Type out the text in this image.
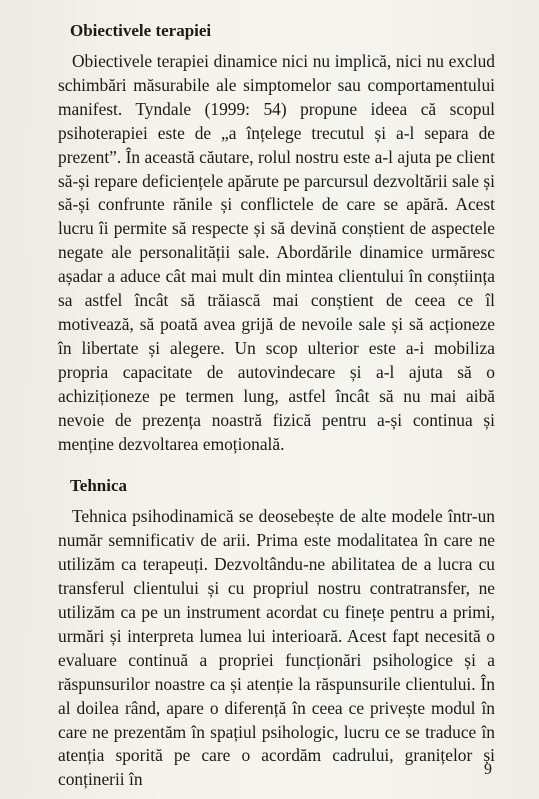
Obiectivele terapiei

Obiectivele terapiei dinamice nici nu implică, nici nu exclud schimbări măsurabile ale simptomelor sau comportamentului manifest. Tyndale (1999: 54) propune ideea că scopul psihoterapiei este de „a înțelege trecutul și a-l separa de prezent”. În această căutare, rolul nostru este a-l ajuta pe client să-și repare deficiențele apărute pe parcursul dezvoltării sale și să-și confrunte rănile și conflictele de care se apără. Acest lucru îi permite să respecte și să devină conștient de aspectele negate ale personalității sale. Abordările dinamice urmăresc așadar a aduce cât mai mult din mintea clientului în conștiința sa astfel încât să trăiască mai conștient de ceea ce îl motivează, să poată avea grijă de nevoile sale și să acționeze în libertate și alegere. Un scop ulterior este a-i mobiliza propria capacitate de autovindecare și a-l ajuta să o achiziționeze pe termen lung, astfel încât să nu mai aibă nevoie de prezența noastră fizică pentru a-și continua și menține dezvoltarea emoțională.

Tehnica

Tehnica psihodinamică se deosebește de alte modele într-un număr semnificativ de arii. Prima este modalitatea în care ne utilizăm ca terapeuți. Dezvoltându-ne abilitatea de a lucra cu transferul clientului și cu propriul nostru contratransfer, ne utilizăm ca pe un instrument acordat cu finețe pentru a primi, urmări și interpreta lumea lui interioară. Acest fapt necesită o evaluare continuă a propriei funcționări psihologice și a răspunsurilor noastre ca și atenție la răspunsurile clientului. În al doilea rând, apare o diferență în ceea ce privește modul în care ne prezentăm în spațiul psihologic, lucru ce se traduce în atenția sporită pe care o acordăm cadrului, granițelor și conținerii în	9
